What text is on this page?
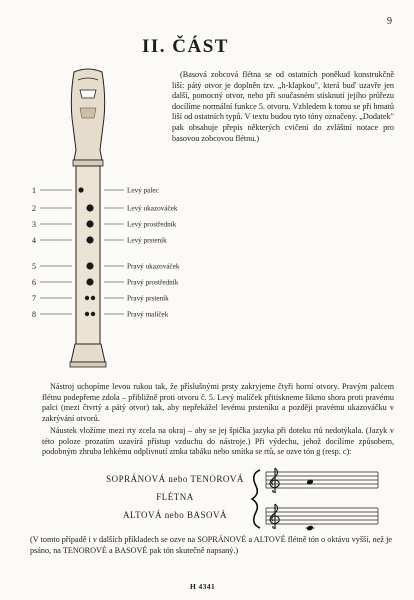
9
II. ČÁST

(Basová zobcová flétna se od ostatních poněkud konstrukčně liší: pátý otvor je doplněn tzv. „h-klapkou", která buď uzavře jen další, pomocný otvor, nebo při současném stisknutí jejího průřezu docílíme normální funkce 5. otvoru. Vzhledem k tomu se při hmatů liší od ostatních typů. V textu budou tyto tóny označeny. „Dodatek" pak obsahuje přepis některých cvičení do zvláštní notace pro basovou zobcovou flétnu.)

1
2
3
4
5
6
7
8
Levý palec
Levý ukazováček
Levý prostředník
Levý prsteník
Pravý ukazováček
Pravý prostředník
Pravý prsteník
Pravý malíček

Nástroj uchopíme levou rukou tak, že příslušnými prsty zakryjeme čtyři horní otvory. Pravým palcem flétnu podepřeme zdola – přibližně proti otvoru č. 5. Levý malíček přitiskneme šikmo shora proti pravému palci (mezi čtvrtý a pátý otvor) tak, aby nepřekážel levému prsteníku a později pravému ukazováčku v zakrývání otvorů.

Náustek vložíme mezi rty zcela na okraj – aby se jej špička jazyka při doteku rtů nedotýkala. (Jazyk v této poloze prozatím uzavírá přístup vzduchu do nástroje.) Při výdechu, jehož docílíme způsobem, podobným zhruba lehkému odplivnutí zrnka tabáku nebo smítka se rtů, se ozve tón g (resp. c):

SOPRÁNOVÁ nebo TENOROVÁ
FLÉTNA
ALTOVÁ nebo BASOVÁ
(V tomto případě i v dalších příkladech se ozve na SOPRÁNOVÉ a ALTOVÉ flétně tón o oktávu vyšší, než je psáno, na TENOROVÉ a BASOVÉ pak tón skutečně napsaný.)
H 4341
